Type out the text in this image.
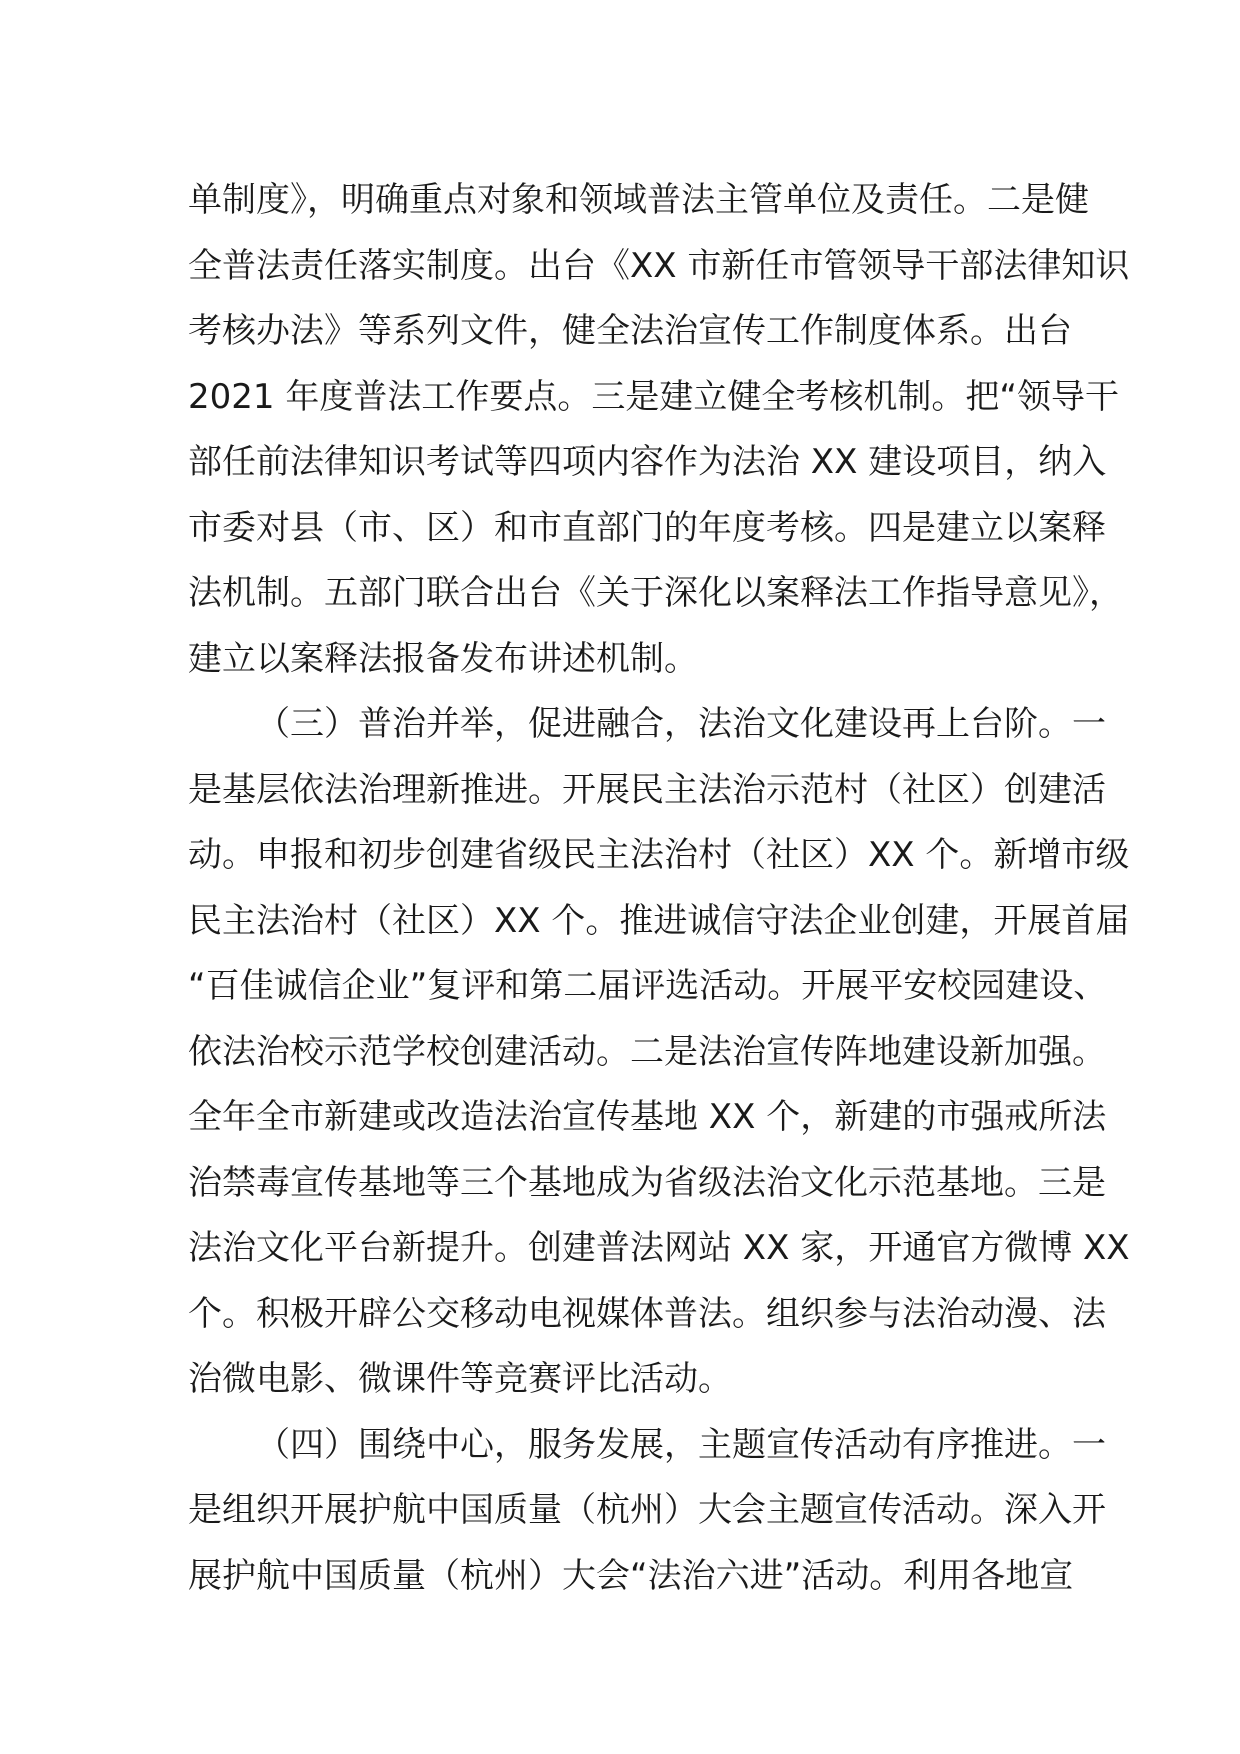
单制度》，明确重点对象和领域普法主管单位及责任。二是健
全普法责任落实制度。出台《XX 市新任市管领导干部法律知识
考核办法》等系列文件，健全法治宣传工作制度体系。出台
2021 年度普法工作要点。三是建立健全考核机制。把“领导干
部任前法律知识考试等四项内容作为法治 XX 建设项目，纳入
市委对县（市、区）和市直部门的年度考核。四是建立以案释
法机制。五部门联合出台《关于深化以案释法工作指导意见》，
建立以案释法报备发布讲述机制。
（三）普治并举，促进融合，法治文化建设再上台阶。一
是基层依法治理新推进。开展民主法治示范村（社区）创建活
动。申报和初步创建省级民主法治村（社区）XX 个。新增市级
民主法治村（社区）XX 个。推进诚信守法企业创建，开展首届
“百佳诚信企业”复评和第二届评选活动。开展平安校园建设、
依法治校示范学校创建活动。二是法治宣传阵地建设新加强。
全年全市新建或改造法治宣传基地 XX 个，新建的市强戒所法
治禁毒宣传基地等三个基地成为省级法治文化示范基地。三是
法治文化平台新提升。创建普法网站 XX 家，开通官方微博 XX
个。积极开辟公交移动电视媒体普法。组织参与法治动漫、法
治微电影、微课件等竞赛评比活动。
（四）围绕中心，服务发展，主题宣传活动有序推进。一
是组织开展护航中国质量（杭州）大会主题宣传活动。深入开
展护航中国质量（杭州）大会“法治六进”活动。利用各地宣
